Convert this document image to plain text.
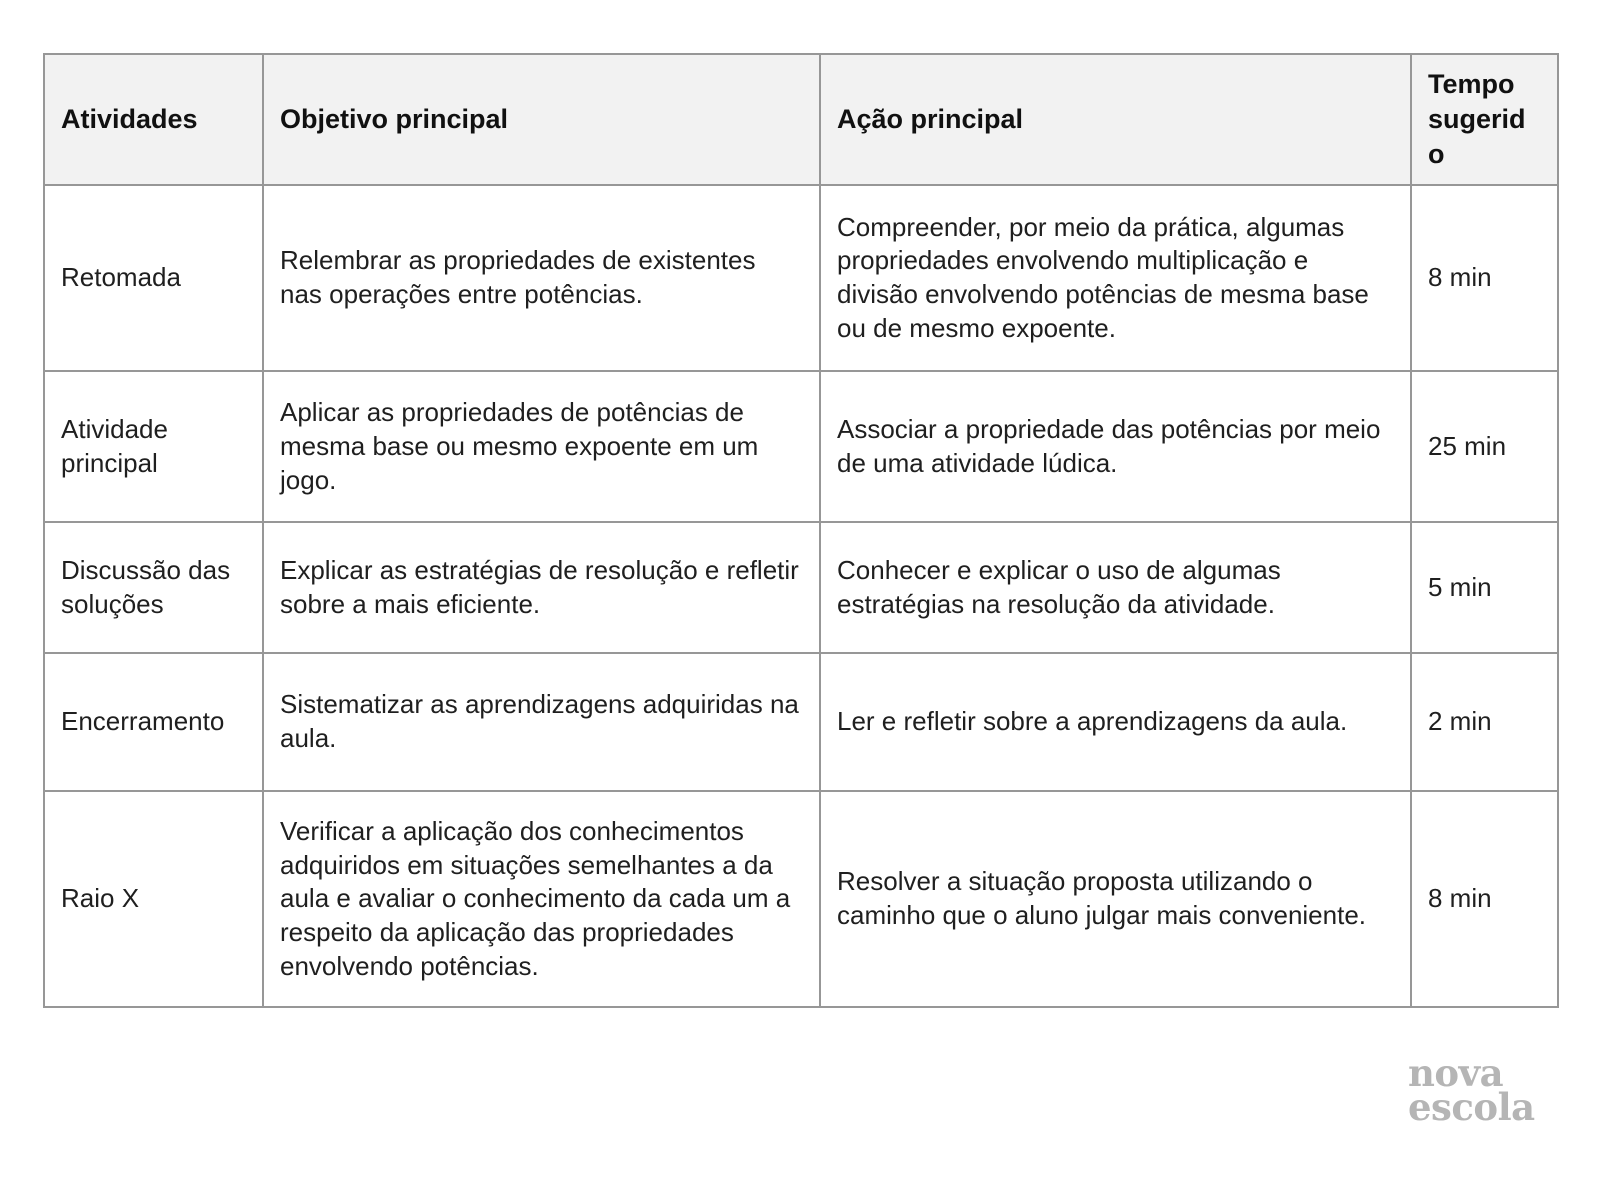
Atividades	Objetivo principal	Ação principal	Tempo sugerido
Retomada	Relembrar as propriedades de existentes nas operações entre potências.	Compreender, por meio da prática, algumas propriedades envolvendo multiplicação e divisão envolvendo potências de mesma base ou de mesmo expoente.	8 min
Atividade principal	Aplicar as propriedades de potências de mesma base ou mesmo expoente em um jogo.	Associar a propriedade das potências por meio de uma atividade lúdica.	25 min
Discussão das soluções	Explicar as estratégias de resolução e refletir sobre a mais eficiente.	Conhecer e explicar o uso de algumas estratégias na resolução da atividade.	5 min
Encerramento	Sistematizar as aprendizagens adquiridas na aula.	Ler e refletir sobre a aprendizagens da aula.	2 min
Raio X	Verificar a aplicação dos conhecimentos adquiridos em situações semelhantes a da aula e avaliar o conhecimento da cada um a respeito da aplicação das propriedades envolvendo potências.	Resolver a situação proposta utilizando o caminho que o aluno julgar mais conveniente.	8 min
nova
escola
